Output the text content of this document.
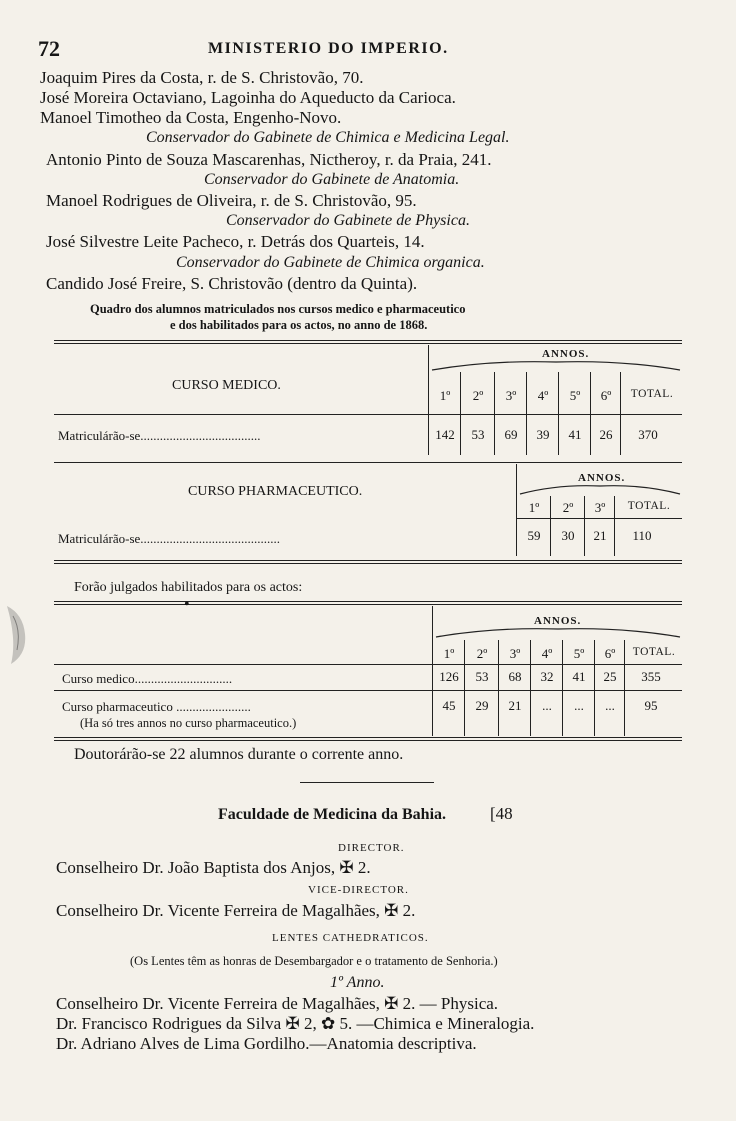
72	MINISTERIO DO IMPERIO.
Joaquim Pires da Costa, r. de S. Christovão, 70.
José Moreira Octaviano, Lagoinha do Aqueducto da Carioca.
Manoel Timotheo da Costa, Engenho-Novo.
Conservador do Gabinete de Chimica e Medicina Legal.
Antonio Pinto de Souza Mascarenhas, Nictheroy, r. da Praia, 241.
Conservador do Gabinete de Anatomia.
Manoel Rodrigues de Oliveira, r. de S. Christovão, 95.
Conservador do Gabinete de Physica.
José Silvestre Leite Pacheco, r. Detrás dos Quarteis, 14.
Conservador do Gabinete de Chimica organica.
Candido José Freire, S. Christovão (dentro da Quinta).
Quadro dos alumnos matriculados nos cursos medico e pharmaceutico
e dos habilitados para os actos, no anno de 1868.
ANNOS.
CURSO MEDICO.
1º	2º	3º	4º	5º	6º	TOTAL.
Matriculárão-se.....................................	142	53	69	39	41	26	370
ANNOS.
CURSO PHARMACEUTICO.
1º	2º	3º	TOTAL.
Matriculárão-se...........................................	59	30	21	110
Forão julgados habilitados para os actos:
•
ANNOS.
1º	2º	3º	4º	5º	6º	TOTAL.
Curso medico..............................	126	53	68	32	41	25	355
Curso pharmaceutico .......................	45	29	21	...	...	...	95
(Ha só tres annos no curso pharmaceutico.)
Doutorárão-se 22 alumnos durante o corrente anno.
Faculdade de Medicina da Bahia.	[48
DIRECTOR.
Conselheiro Dr. João Baptista dos Anjos, ✠ 2.
VICE-DIRECTOR.
Conselheiro Dr. Vicente Ferreira de Magalhães, ✠ 2.
LENTES CATHEDRATICOS.
(Os Lentes têm as honras de Desembargador e o tratamento de Senhoria.)
1º Anno.
Conselheiro Dr. Vicente Ferreira de Magalhães, ✠ 2. — Physica.
Dr. Francisco Rodrigues da Silva ✠ 2, ✿ 5. —Chimica e Mineralogia.
Dr. Adriano Alves de Lima Gordilho.—Anatomia descriptiva.
